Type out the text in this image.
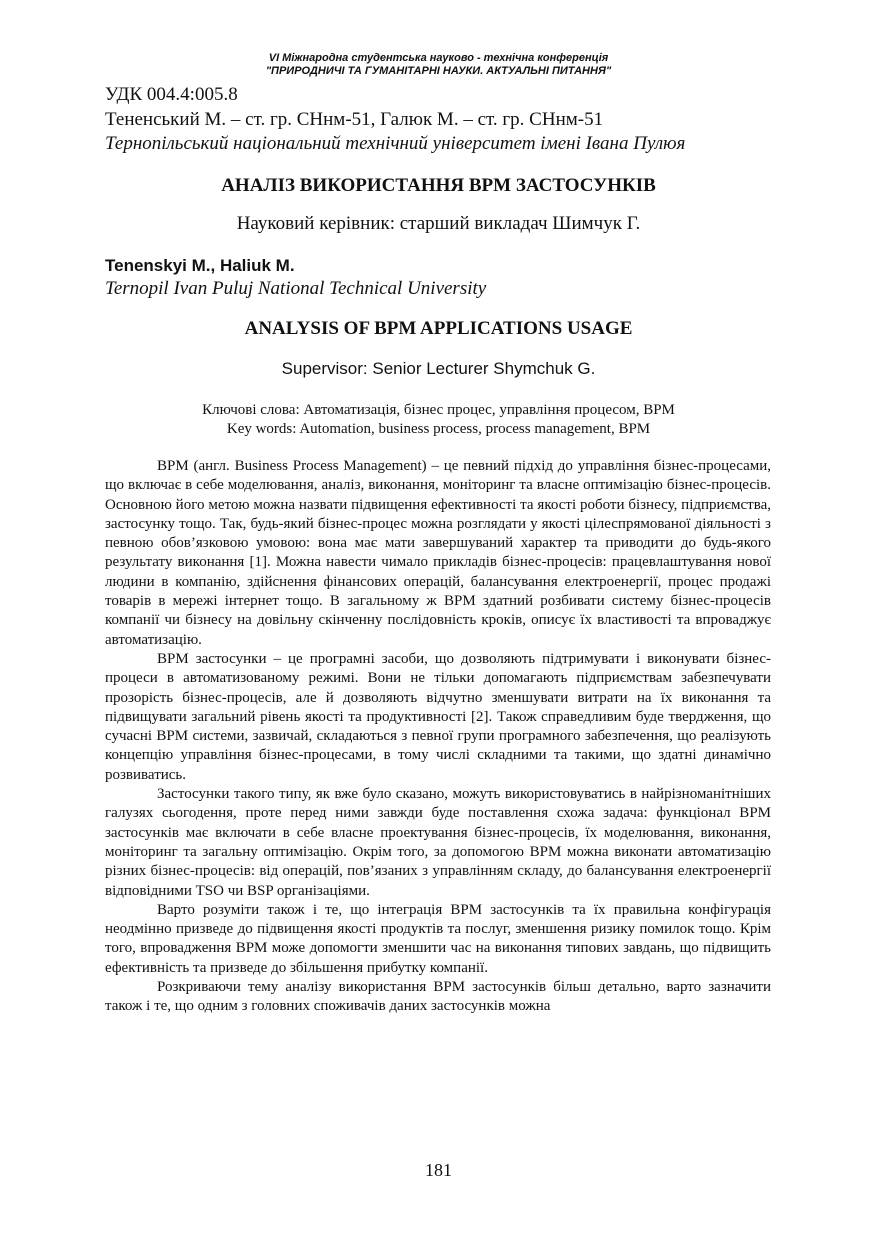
VI Міжнародна студентська науково - технічна конференція
"ПРИРОДНИЧІ ТА ГУМАНІТАРНІ НАУКИ. АКТУАЛЬНІ ПИТАННЯ"
УДК 004.4:005.8
Тененський М. – ст. гр. СНнм-51, Галюк М. – ст. гр. СНнм-51
Тернопільський національний технічний університет імені Івана Пулюя
АНАЛІЗ ВИКОРИСТАННЯ BPM ЗАСТОСУНКІВ
Науковий керівник: старший викладач Шимчук Г.
Tenenskyi M., Haliuk M.
Ternopil Ivan Puluj National Technical University
ANALYSIS OF BPM APPLICATIONS USAGE
Supervisor: Senior Lecturer Shymchuk G.
Ключові слова: Автоматизація, бізнес процес, управління процесом, BPM
Key words: Automation, business process, process management, BPM

BPM (англ. Business Process Management) – це певний підхід до управління бізнес-процесами, що включає в себе моделювання, аналіз, виконання, моніторинг та власне оптимізацію бізнес-процесів. Основною його метою можна назвати підвищення ефективності та якості роботи бізнесу, підприємства, застосунку тощо. Так, будь-який бізнес-процес можна розглядати у якості цілеспрямованої діяльності з певною обов’язковою умовою: вона має мати завершуваний характер та приводити до будь-якого результату виконання [1]. Можна навести чимало прикладів бізнес-процесів: працевлаштування нової людини в компанію, здійснення фінансових операцій, балансування електроенергії, процес продажі товарів в мережі інтернет тощо. В загальному ж BPM здатний розбивати систему бізнес-процесів компанії чи бізнесу на довільну скінченну послідовність кроків, описує їх властивості та впроваджує автоматизацію.

BPM застосунки – це програмні засоби, що дозволяють підтримувати і виконувати бізнес-процеси в автоматизованому режимі. Вони не тільки допомагають підприємствам забезпечувати прозорість бізнес-процесів, але й дозволяють відчутно зменшувати витрати на їх виконання та підвищувати загальний рівень якості та продуктивності [2]. Також справедливим буде твердження, що сучасні BPM системи, зазвичай, складаються з певної групи програмного забезпечення, що реалізують концепцію управління бізнес-процесами, в тому числі складними та такими, що здатні динамічно розвиватись.

Застосунки такого типу, як вже було сказано, можуть використовуватись в найрізноманітніших галузях сьогодення, проте перед ними завжди буде поставлення схожа задача: функціонал BPM застосунків має включати в себе власне проектування бізнес-процесів, їх моделювання, виконання, моніторинг та загальну оптимізацію. Окрім того, за допомогою BPM можна виконати автоматизацію різних бізнес-процесів: від операцій, пов’язаних з управлінням складу, до балансування електроенергії відповідними TSO чи BSP організаціями.

Варто розуміти також і те, що інтеграція BPM застосунків та їх правильна конфігурація неодмінно призведе до підвищення якості продуктів та послуг, зменшення ризику помилок тощо. Крім того, впровадження BPM може допомогти зменшити час на виконання типових завдань, що підвищить ефективність та призведе до збільшення прибутку компанії.

Розкриваючи тему аналізу використання BPM застосунків більш детально, варто зазначити також і те, що одним з головних споживачів даних застосунків можна

181
